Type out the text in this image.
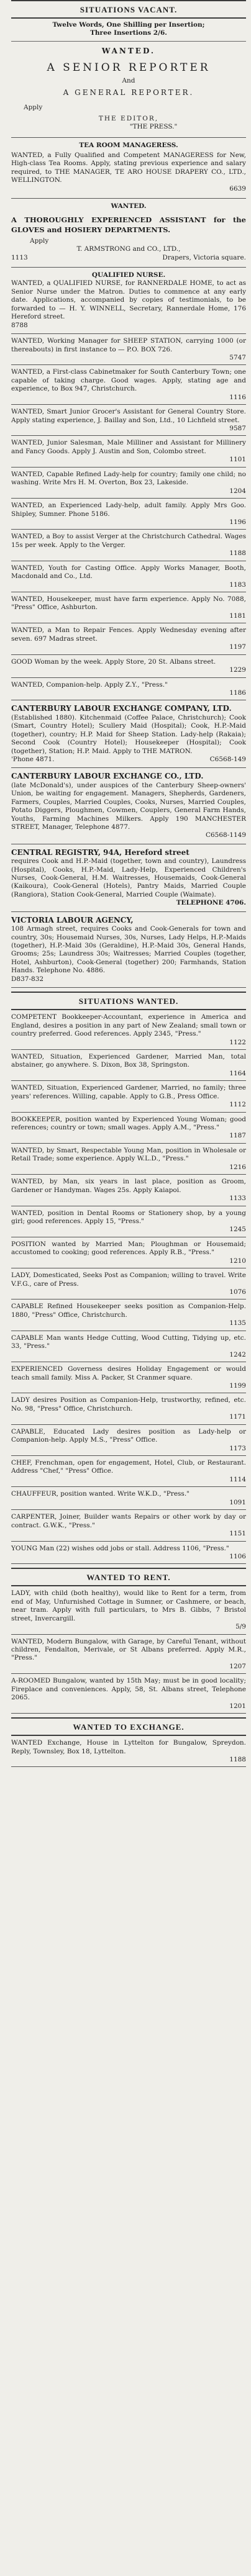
SITUATIONS VACANT.
Twelve Words, One Shilling per Insertion;
Three Insertions 2/6.
WANTED.
A SENIOR REPORTER
And
A GENERAL REPORTER.
Apply
THE EDITOR,
"THE PRESS."
TEA ROOM MANAGERESS.
WANTED, a Fully Qualified and Competent MANAGERESS for New, High-class Tea Rooms. Apply, stating previous experience and salary required, to THE MANAGER, TE ARO HOUSE DRAPERY CO., LTD., WELLINGTON.
6639
WANTED.
A THOROUGHLY EXPERIENCED ASSISTANT for the GLOVES and HOSIERY DEPARTMENTS.
Apply
T. ARMSTRONG and CO., LTD.,
1113	Drapers, Victoria square.
QUALIFIED NURSE.
WANTED, a QUALIFIED NURSE, for RANNERDALE HOME, to act as Senior Nurse under the Matron. Duties to commence at any early date. Applications, accompanied by copies of testimonials, to be forwarded to — H. Y. WINNELL, Secretary, Rannerdale Home, 176 Hereford street.
8788
WANTED, Working Manager for SHEEP STATION, carrying 1000 (or thereabouts) in first instance to — P.O. BOX 726.
5747
WANTED, a First-class Cabinetmaker for South Canterbury Town; one capable of taking charge. Good wages. Apply, stating age and experience, to Box 947, Christchurch.
1116
WANTED, Smart Junior Grocer's Assistant for General Country Store. Apply stating experience, J. Baillay and Son, Ltd., 10 Lichfield street.
9587
WANTED, Junior Salesman, Male Milliner and Assistant for Millinery and Fancy Goods. Apply J. Austin and Son, Colombo street.
1101
WANTED, Capable Refined Lady-help for country; family one child; no washing. Write Mrs H. M. Overton, Box 23, Lakeside.
1204
WANTED, an Experienced Lady-help, adult family. Apply Mrs Goo. Shipley, Sumner. Phone 5186.
1196
WANTED, a Boy to assist Verger at the Christchurch Cathedral. Wages 15s per week. Apply to the Verger.
1188
WANTED, Youth for Casting Office. Apply Works Manager, Booth, Macdonald and Co., Ltd.
1183
WANTED, Housekeeper, must have farm experience. Apply No. 7088, "Press" Office, Ashburton.
1181
WANTED, a Man to Repair Fences. Apply Wednesday evening after seven. 697 Madras street.
1197
GOOD Woman by the week. Apply Store, 20 St. Albans street.
1229
WANTED, Companion-help. Apply Z.Y., "Press."
1186
CANTERBURY LABOUR EXCHANGE COMPANY, LTD.
(Established 1880). Kitchenmaid (Coffee Palace, Christchurch); Cook (Smart, Country Hotel); Scullery Maid (Hospital); Cook, H.P.-Maid (together), country; H.P. Maid for Sheep Station. Lady-help (Rakaia); Second Cook (Country Hotel); Housekeeper (Hospital); Cook (together), Station; H.P. Maid. Apply to THE MATRON.
'Phone 4871.	C6568-149
CANTERBURY LABOUR EXCHANGE CO., LTD.
(late McDonald's), under auspices of the Canterbury Sheep-owners' Union, be waiting for engagement. Managers, Shepherds, Gardeners, Farmers, Couples, Married Couples, Cooks, Nurses, Married Couples, Potato Diggers, Ploughmen, Cowmen, Couplers, General Farm Hands, Youths, Farming Machines Milkers. Apply 190 MANCHESTER STREET, Manager, Telephone 4877.
C6568-1149
CENTRAL REGISTRY, 94A, Hereford street
requires Cook and H.P.-Maid (together, town and country), Laundress (Hospital), Cooks, H.P.-Maid, Lady-Help, Experienced Children's Nurses, Cook-General, H.M. Waitresses, Housemaids, Cook-General (Kaikoura), Cook-General (Hotels), Pantry Maids, Married Couple (Rangiora), Station Cook-General, Married Couple (Waimate).
TELEPHONE 4706.
VICTORIA LABOUR AGENCY,
108 Armagh street, requires Cooks and Cook-Generals for town and country, 30s; Housemaid Nurses, 30s, Nurses, Lady Helps, H.P.-Maids (together), H.P.-Maid 30s (Geraldine), H.P.-Maid 30s, General Hands, Grooms; 25s; Laundress 30s; Waitresses; Married Couples (together, Hotel, Ashburton), Cook-General (together) 200; Farmhands, Station Hands. Telephone No. 4886.
D837-832
SITUATIONS WANTED.
COMPETENT Bookkeeper-Accountant, experience in America and England, desires a position in any part of New Zealand; small town or country preferred. Good references. Apply 2345, "Press."
1122
WANTED, Situation, Experienced Gardener, Married Man, total abstainer, go anywhere. S. Dixon, Box 38, Springston.
1164
WANTED, Situation, Experienced Gardener, Married, no family; three years' references. Willing, capable. Apply to G.B., Press Office.
1112
BOOKKEEPER, position wanted by Experienced Young Woman; good references; country or town; small wages. Apply A.M., "Press."
1187
WANTED, by Smart, Respectable Young Man, position in Wholesale or Retail Trade; some experience. Apply W.L.D., "Press."
1216
WANTED, by Man, six years in last place, position as Groom, Gardener or Handyman. Wages 25s. Apply Kaiapoi.
1133
WANTED, position in Dental Rooms or Stationery shop, by a young girl; good references. Apply 15, "Press."
1245
POSITION wanted by Married Man; Ploughman or Housemaid; accustomed to cooking; good references. Apply R.B., "Press."
1210
LADY, Domesticated, Seeks Post as Companion; willing to travel. Write V.F.G., care of Press.
1076
CAPABLE Refined Housekeeper seeks position as Companion-Help. 1880, "Press" Office, Christchurch.
1135
CAPABLE Man wants Hedge Cutting, Wood Cutting, Tidying up, etc. 33, "Press."
1242
EXPERIENCED Governess desires Holiday Engagement or would teach small family. Miss A. Packer, St Cranmer square.
1199
LADY desires Position as Companion-Help, trustworthy, refined, etc. No. 98, "Press" Office, Christchurch.
1171
CAPABLE, Educated Lady desires position as Lady-help or Companion-help. Apply M.S., "Press" Office.
1173
CHEF, Frenchman, open for engagement, Hotel, Club, or Restaurant. Address "Chef," "Press" Office.
1114
CHAUFFEUR, position wanted. Write W.K.D., "Press."
1091
CARPENTER, Joiner, Builder wants Repairs or other work by day or contract. G.W.K., "Press."
1151
YOUNG Man (22) wishes odd jobs or stall. Address 1106, "Press."
1106
WANTED TO RENT.
LADY, with child (both healthy), would like to Rent for a term, from end of May, Unfurnished Cottage in Sumner, or Cashmere, or beach, near tram. Apply with full particulars, to Mrs B. Gibbs, 7 Bristol street, Invercargill.
5/9
WANTED, Modern Bungalow, with Garage, by Careful Tenant, without children, Fendalton, Merivale, or St Albans preferred. Apply M.R., "Press."
1207
A-ROOMED Bungalow, wanted by 15th May; must be in good locality; Fireplace and conveniences. Apply, 58, St. Albans street, Telephone 2065.
1201
WANTED TO EXCHANGE.
WANTED Exchange, House in Lyttelton for Bungalow, Spreydon. Reply, Townsley, Box 18, Lyttelton.
1188
